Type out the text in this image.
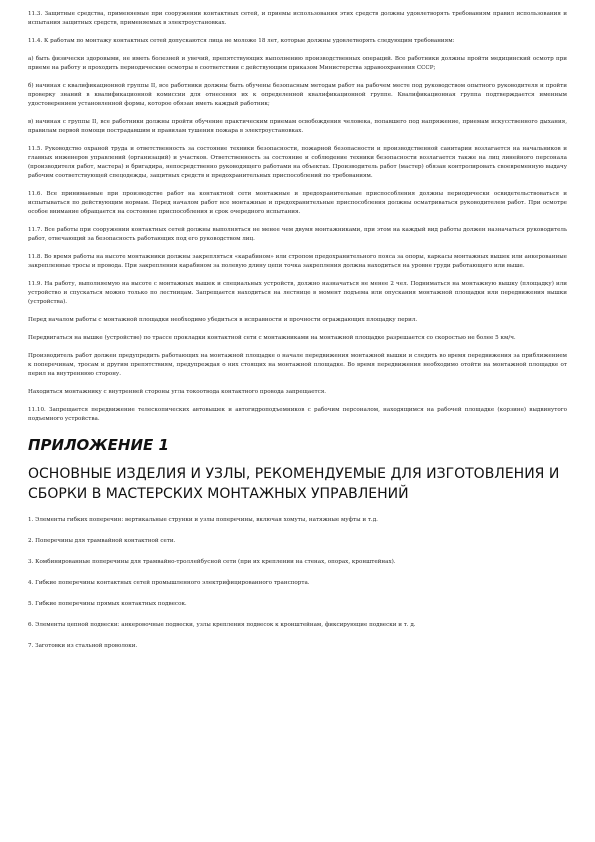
11.3. Защитные средства, применяемые при сооружении контактных сетей, и приемы использования этих средств должны удовлетворять требованиям правил использования и испытания защитных средств, применяемых в электроустановках.

11.4. К работам по монтажу контактных сетей допускаются лица не моложе 18 лет, которые должны удовлетворять следующим требованиям:

а) быть физически здоровыми, не иметь болезней и увечий, препятствующих выполнению производственных операций. Все работники должны пройти медицинский осмотр при приеме на работу и проходить периодические осмотры в соответствии с действующим приказом Министерства здравоохранения СССР;

б) начиная с квалификационной группы II, все работники должны быть обучены безопасным методам работ на рабочем месте под руководством опытного руководителя и пройти проверку знаний в квалификационной комиссии для отнесения их к определенной квалификационной группе. Квалификационная группа подтверждается именным удостоверением установленной формы, которое обязан иметь каждый работник;

в) начиная с группы II, все работники должны пройти обучение практическим приемам освобождения человека, попавшего под напряжение, приемам искусственного дыхания, правилам первой помощи пострадавшим и правилам тушения пожара в электроустановках.

11.5. Руководство охраной труда и ответственность за состояние техники безопасности, пожарной безопасности и производственной санитарии возлагается на начальников и главных инженеров управлений (организаций) и участков. Ответственность за состояние и соблюдение техники безопасности возлагается также на лиц линейного персонала (производителя работ, мастера) и бригадира, непосредственно руководящего работами на объектах. Производитель работ (мастер) обязан контролировать своевременную выдачу рабочим соответствующей спецодежды, защитных средств и предохранительных приспособлений по требованиям.

11.6. Все принимаемые при производстве работ на контактной сети монтажные и предохранительные приспособления должны периодически освидетельствоваться и испытываться по действующим нормам. Перед началом работ все монтажные и предохранительные приспособления должны осматриваться руководителем работ. При осмотре особое внимание обращается на состояние приспособления и срок очередного испытания.

11.7. Все работы при сооружении контактных сетей должны выполняться не менее чем двумя монтажниками, при этом на каждый вид работы должен назначаться руководитель работ, отвечающий за безопасность работающих под его руководством лиц.

11.8. Во время работы на высоте монтажники должны закрепляться «карабином» или стропом предохранительного пояса за опоры, каркасы монтажных вышек или анкерованные закрепленные тросы и провода. При закреплении карабином за полевую длину цепи точка закрепления должна находиться на уровне груди работающего или выше.

11.9. На работу, выполняемую на высоте с монтажных вышек и специальных устройств, должно назначаться не менее 2 чел. Подниматься на монтажную вышку (площадку) или устройство и спускаться можно только по лестницам. Запрещается находиться на лестнице в момент подъема или опускания монтажной площадки или передвижения вышки (устройства).

Перед началом работы с монтажной площадки необходимо убедиться в исправности и прочности ограждающих площадку перил.

Передвигаться на вышке (устройстве) по трассе прокладки контактной сети с монтажниками на монтажной площадке разрешается со скоростью не более 5 км/ч.

Производитель работ должен предупредить работающих на монтажной площадке о начале передвижения монтажной вышки и следить во время передвижения за приближением к поперечинам, тросам и другим препятствиям, предупреждая о них стоящих на монтажной площадке. Во время передвижения необходимо отойти на монтажной площадке от перил на внутреннюю сторону.

Находиться монтажнику с внутренней стороны угла токоотвода контактного провода запрещается.

11.10. Запрещается передвижение телескопических автовышек и автогидроподъемников с рабочим персоналом, находящимся на рабочей площадке (корзине) выдвинутого подъемного устройства.

ПРИЛОЖЕНИЕ 1
ОСНОВНЫЕ ИЗДЕЛИЯ И УЗЛЫ, РЕКОМЕНДУЕМЫЕ ДЛЯ ИЗГОТОВЛЕНИЯ И СБОРКИ В МАСТЕРСКИХ МОНТАЖНЫХ УПРАВЛЕНИЙ

1. Элементы гибких поперечин: вертикальные струнки и узлы поперечины, включая хомуты, натяжные муфты и т.д.

2. Поперечины для трамвайной контактной сети.

3. Комбинированные поперечины для трамвайно-троллейбусной сети (при их креплении на стенах, опорах, кронштейнах).

4. Гибкие поперечины контактных сетей промышленного электрифицированного транспорта.

5. Гибкие поперечины прямых контактных подвесок.

6. Элементы цепной подвески: анкеровочные подвески, узлы крепления подвесок к кронштейнам, фиксирующие подвески и т. д.

7. Заготовки из стальной проволоки.
